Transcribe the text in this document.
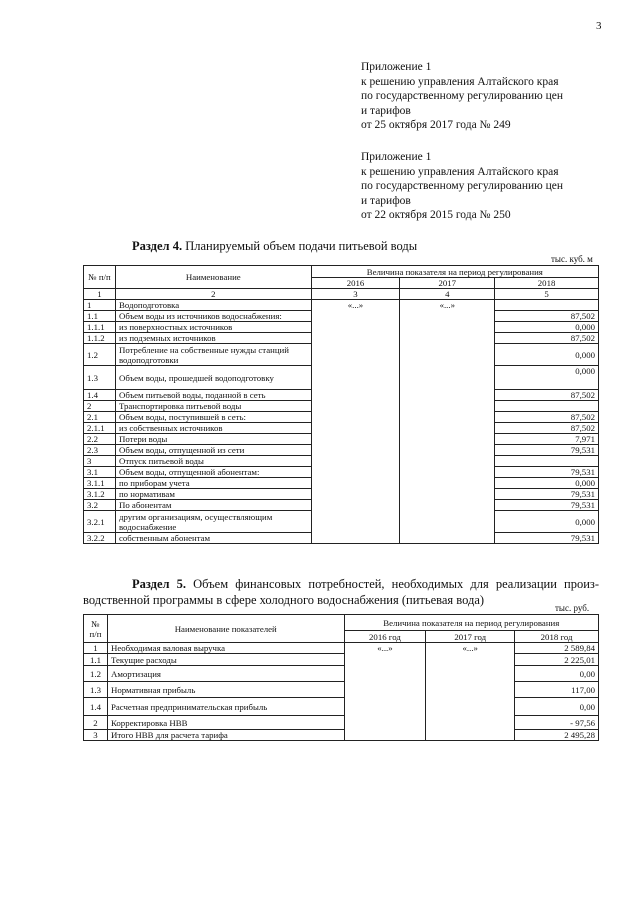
3
Приложение 1
к решению управления Алтайского края
по государственному регулированию цен
и тарифов
от 25 октября 2017 года № 249
Приложение 1
к решению управления Алтайского края
по государственному регулированию цен
и тарифов
от 22 октября 2015 года № 250
Раздел 4. Планируемый объем подачи питьевой воды
тыс. куб. м
№ п/п	Наименование	Величина показателя на период регулирования		
		2016	2017	2018
1	2	3	4	5
1	Водоподготовка	«...»	«...»	
1.1	Объем воды из источников водоснабжения:			87,502
1.1.1	из поверхностных источников			0,000
1.1.2	из подземных источников			87,502
1.2	Потребление на собственные нужды станций водоподготовки			0,000
1.3	Объем воды, прошедшей водоподготовку			0,000
1.4	Объем питьевой воды, поданной в сеть			87,502
2	Транспортировка питьевой воды			
2.1	Объем воды, поступившей в сеть:			87,502
2.1.1	из собственных источников			87,502
2.2	Потери воды			7,971
2.3	Объем воды, отпущенной из сети			79,531
3	Отпуск питьевой воды			
3.1	Объем воды, отпущенной абонентам:			79,531
3.1.1	по приборам учета			0,000
3.1.2	по нормативам			79,531
3.2	По абонентам			79,531
3.2.1	другим организациям, осуществляющим водоснабжение			0,000
3.2.2	собственным абонентам			79,531
Раздел 5. Объем финансовых потребностей, необходимых для реализации произ-
водственной программы в сфере холодного водоснабжения (питьевая вода)
тыс. руб.
№ п/п	Наименование показателей	Величина показателя на период регулирования		
		2016 год	2017 год	2018 год
1	Необходимая валовая выручка	«...»	«...»	2 589,84
1.1	Текущие расходы			2 225,01
1.2	Амортизация			0,00
1.3	Нормативная прибыль			117,00
1.4	Расчетная предпринимательская прибыль			0,00
2	Корректировка НВВ			- 97,56
3	Итого НВВ для расчета тарифа			2 495,28
